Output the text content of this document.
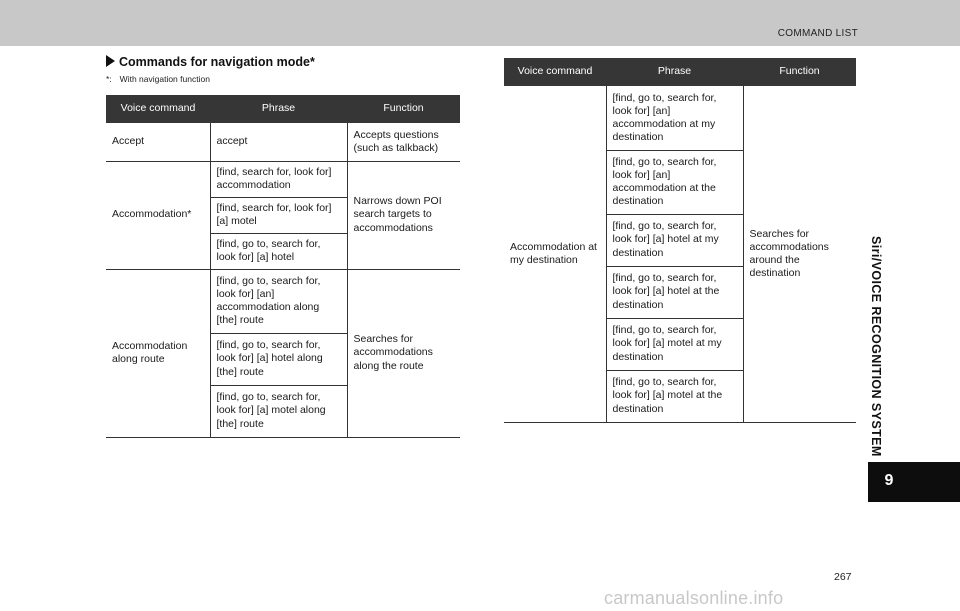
COMMAND LIST
Siri/VOICE RECOGNITION SYSTEM
9
Commands for navigation mode*
*: With navigation function
Voice command	Phrase	Function
Accept	accept	Accepts questions (such as talkback)
Accommodation*	[find, search for, look for] accommodation	Narrows down POI search targets to accommodations
	[find, search for, look for] [a] motel	
	[find, go to, search for, look for] [a] hotel	
Accommodation along route	[find, go to, search for, look for] [an] accommodation along [the] route	Searches for accommodations along the route
	[find, go to, search for, look for] [a] hotel along [the] route	
	[find, go to, search for, look for] [a] motel along [the] route	
Voice command	Phrase	Function
Accommodation at my destination	[find, go to, search for, look for] [an] accommodation at my destination	Searches for accommodations around the destination
	[find, go to, search for, look for] [an] accommodation at the destination	
	[find, go to, search for, look for] [a] hotel at my destination	
	[find, go to, search for, look for] [a] hotel at the destination	
	[find, go to, search for, look for] [a] motel at my destination	
	[find, go to, search for, look for] [a] motel at the destination	
267
carmanualsonline.info
